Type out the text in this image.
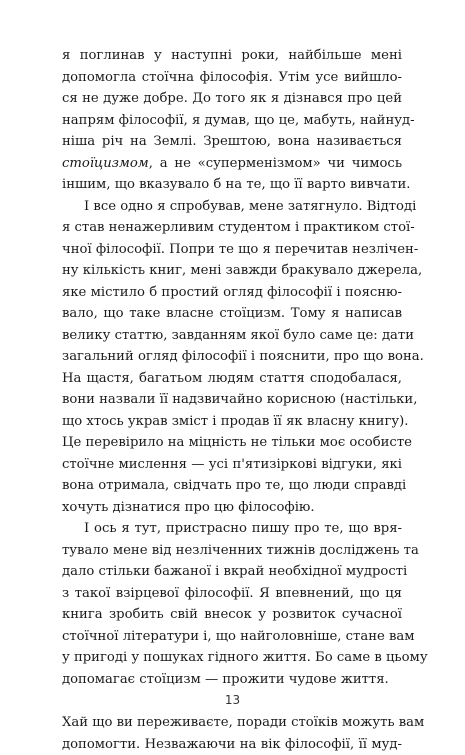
я поглинав у наступні роки, найбільше мені
допомогла стоїчна філософія. Утім усе вийшло-
ся не дуже добре. До того як я дізнався про цей
напрям філософії, я думав, що це, мабуть, найнуд-
ніша річ на Землі. Зрештою, вона називається
стоїцизмом, а не «суперменізмом» чи чимось
іншим, що вказувало б на те, що її варто вивчати.

І все одно я спробував, мене затягнуло. Відтоді
я став ненажерливим студентом і практиком стої-
чної філософії. Попри те що я перечитав незлічен-
ну кількість книг, мені завжди бракувало джерела,
яке містило б простий огляд філософії і поясню-
вало, що таке власне стоїцизм. Тому я написав
велику статтю, завданням якої було саме це: дати
загальний огляд філософії і пояснити, про що вона.
На щастя, багатьом людям стаття сподобалася,
вони назвали її надзвичайно корисною (настільки,
що хтось украв зміст і продав її як власну книгу).
Це перевірило на міцність не тільки моє особисте
стоїчне мислення — усі п'ятизіркові відгуки, які
вона отримала, свідчать про те, що люди справді
хочуть дізнатися про цю філософію.

І ось я тут, пристрасно пишу про те, що вря-
тувало мене від незліченних тижнів досліджень та
дало стільки бажаної і вкрай необхідної мудрості
з такої взірцевої філософії. Я впевнений, що ця
книга зробить свій внесок у розвиток сучасної
стоїчної літератури і, що найголовніше, стане вам
у пригоді у пошуках гідного життя. Бо саме в цьому
допомагає стоїцизм — прожити чудове життя.

Хай що ви переживаєте, поради стоїків можуть вам
допомогти. Незважаючи на вік філософії, її муд-

13
